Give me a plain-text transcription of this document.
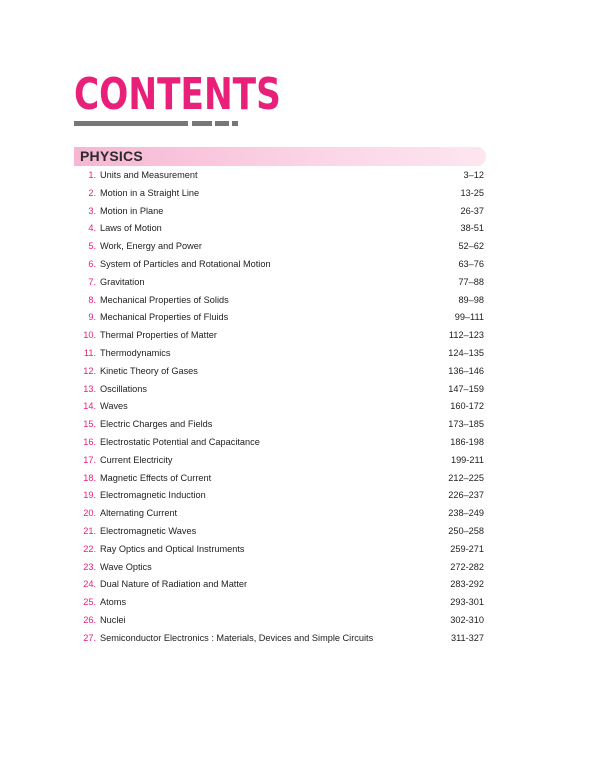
CONTENTS
PHYSICS
1. Units and Measurement	3–12
2. Motion in a Straight Line	13-25
3. Motion in Plane	26-37
4. Laws of Motion	38-51
5. Work, Energy and Power	52–62
6. System of Particles and Rotational Motion	63–76
7. Gravitation	77–88
8. Mechanical Properties of Solids	89–98
9. Mechanical Properties of Fluids	99–111
10. Thermal Properties of Matter	112–123
11. Thermodynamics	124–135
12. Kinetic Theory of Gases	136–146
13. Oscillations	147–159
14. Waves	160-172
15. Electric Charges and Fields	173–185
16. Electrostatic Potential and Capacitance	186-198
17. Current Electricity	199-211
18. Magnetic Effects of Current	212–225
19. Electromagnetic Induction	226–237
20. Alternating Current	238–249
21. Electromagnetic Waves	250–258
22. Ray Optics and Optical Instruments	259-271
23. Wave Optics	272-282
24. Dual Nature of Radiation and Matter	283-292
25. Atoms	293-301
26. Nuclei	302-310
27. Semiconductor Electronics : Materials, Devices and Simple Circuits	311-327
